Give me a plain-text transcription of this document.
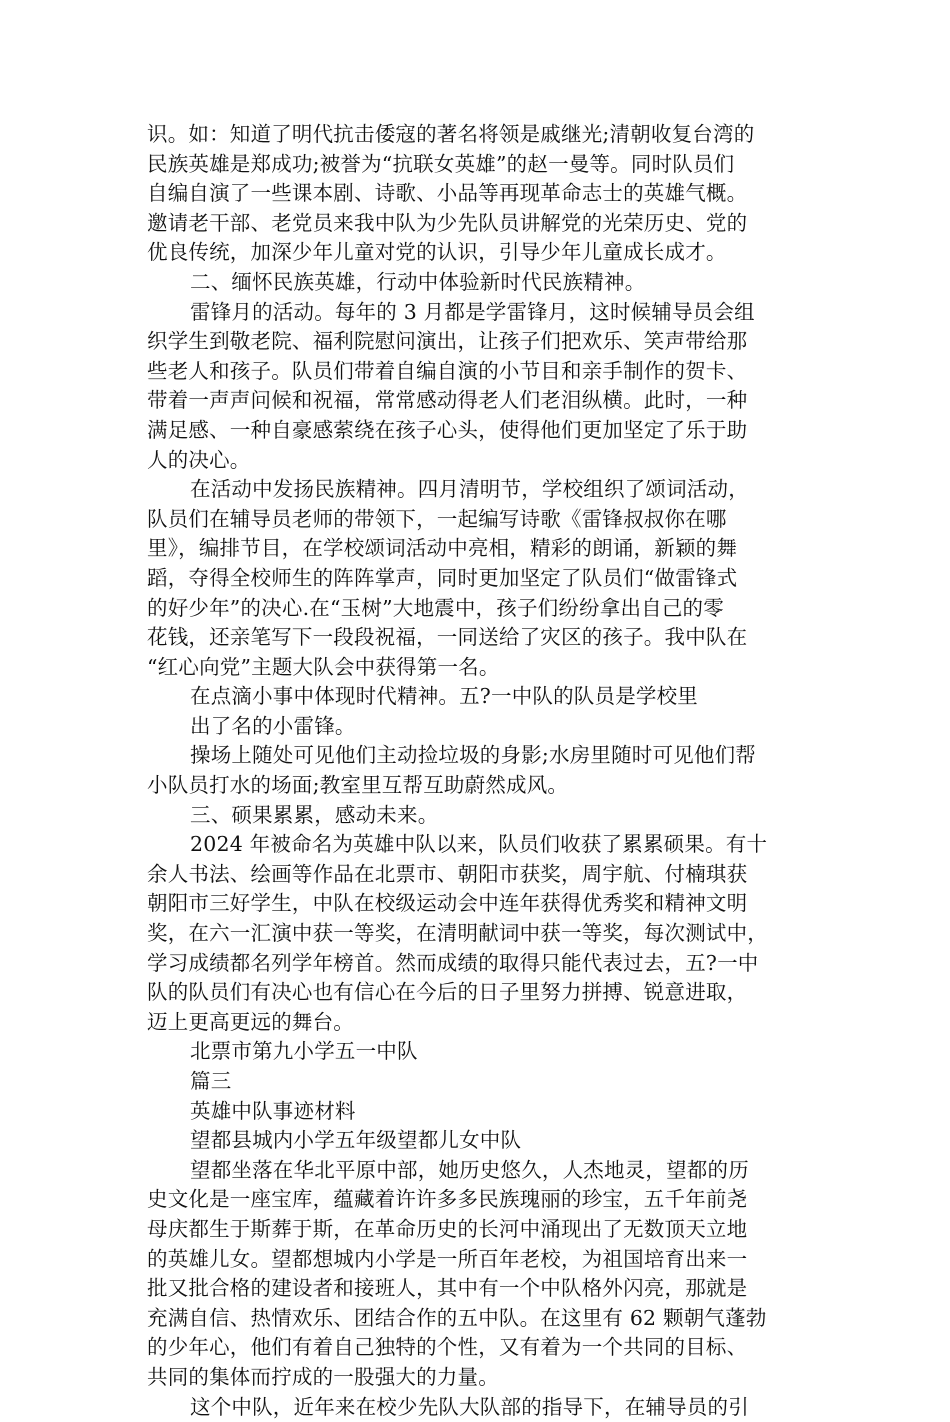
识。如：知道了明代抗击倭寇的著名将领是戚继光;清朝收复台湾的
民族英雄是郑成功;被誉为“抗联女英雄”的赵一曼等。同时队员们
自编自演了一些课本剧、诗歌、小品等再现革命志士的英雄气概。
邀请老干部、老党员来我中队为少先队员讲解党的光荣历史、党的
优良传统，加深少年儿童对党的认识，引导少年儿童成长成才。
二、缅怀民族英雄，行动中体验新时代民族精神。
雷锋月的活动。每年的 3 月都是学雷锋月，这时候辅导员会组
织学生到敬老院、福利院慰问演出，让孩子们把欢乐、笑声带给那
些老人和孩子。队员们带着自编自演的小节目和亲手制作的贺卡、
带着一声声问候和祝福，常常感动得老人们老泪纵横。此时，一种
满足感、一种自豪感萦绕在孩子心头，使得他们更加坚定了乐于助
人的决心。
在活动中发扬民族精神。四月清明节，学校组织了颂词活动，
队员们在辅导员老师的带领下，一起编写诗歌《雷锋叔叔你在哪
里》，编排节目，在学校颂词活动中亮相，精彩的朗诵，新颖的舞
蹈，夺得全校师生的阵阵掌声，同时更加坚定了队员们“做雷锋式
的好少年”的决心.在“玉树”大地震中，孩子们纷纷拿出自己的零
花钱，还亲笔写下一段段祝福，一同送给了灾区的孩子。我中队在
“红心向党”主题大队会中获得第一名。
在点滴小事中体现时代精神。五?一中队的队员是学校里
出了名的小雷锋。
操场上随处可见他们主动捡垃圾的身影;水房里随时可见他们帮
小队员打水的场面;教室里互帮互助蔚然成风。
三、硕果累累，感动未来。
2024 年被命名为英雄中队以来，队员们收获了累累硕果。有十
余人书法、绘画等作品在北票市、朝阳市获奖，周宇航、付楠琪获
朝阳市三好学生，中队在校级运动会中连年获得优秀奖和精神文明
奖，在六一汇演中获一等奖，在清明献词中获一等奖，每次测试中，
学习成绩都名列学年榜首。然而成绩的取得只能代表过去，五?一中
队的队员们有决心也有信心在今后的日子里努力拼搏、锐意进取，
迈上更高更远的舞台。
北票市第九小学五一中队
篇三
英雄中队事迹材料
望都县城内小学五年级望都儿女中队
望都坐落在华北平原中部，她历史悠久，人杰地灵，望都的历
史文化是一座宝库，蕴藏着许许多多民族瑰丽的珍宝，五千年前尧
母庆都生于斯葬于斯，在革命历史的长河中涌现出了无数顶天立地
的英雄儿女。望都想城内小学是一所百年老校，为祖国培育出来一
批又批合格的建设者和接班人，其中有一个中队格外闪亮，那就是
充满自信、热情欢乐、团结合作的五中队。在这里有 62 颗朝气蓬勃
的少年心，他们有着自己独特的个性，又有着为一个共同的目标、
共同的集体而拧成的一股强大的力量。
这个中队，近年来在校少先队大队部的指导下，在辅导员的引
